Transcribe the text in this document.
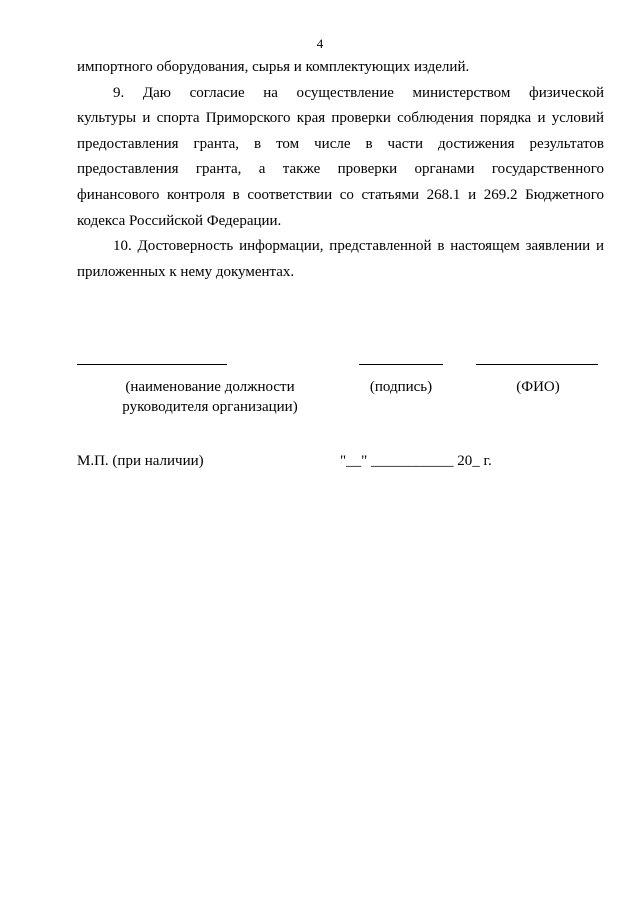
4
импортного оборудования, сырья и комплектующих изделий.
9. Даю согласие на осуществление министерством физической
культуры и спорта Приморского края проверки соблюдения порядка и условий
предоставления гранта, в том числе в части достижения результатов
предоставления гранта, а также проверки органами государственного
финансового контроля в соответствии со статьями 268.1 и 269.2 Бюджетного
кодекса Российской Федерации.
10. Достоверность информации, представленной в настоящем заявлении и
приложенных к нему документах.
(наименование должности
руководителя организации)
(подпись)	(ФИО)
М.П. (при наличии)	"__" ___________ 20_ г.
